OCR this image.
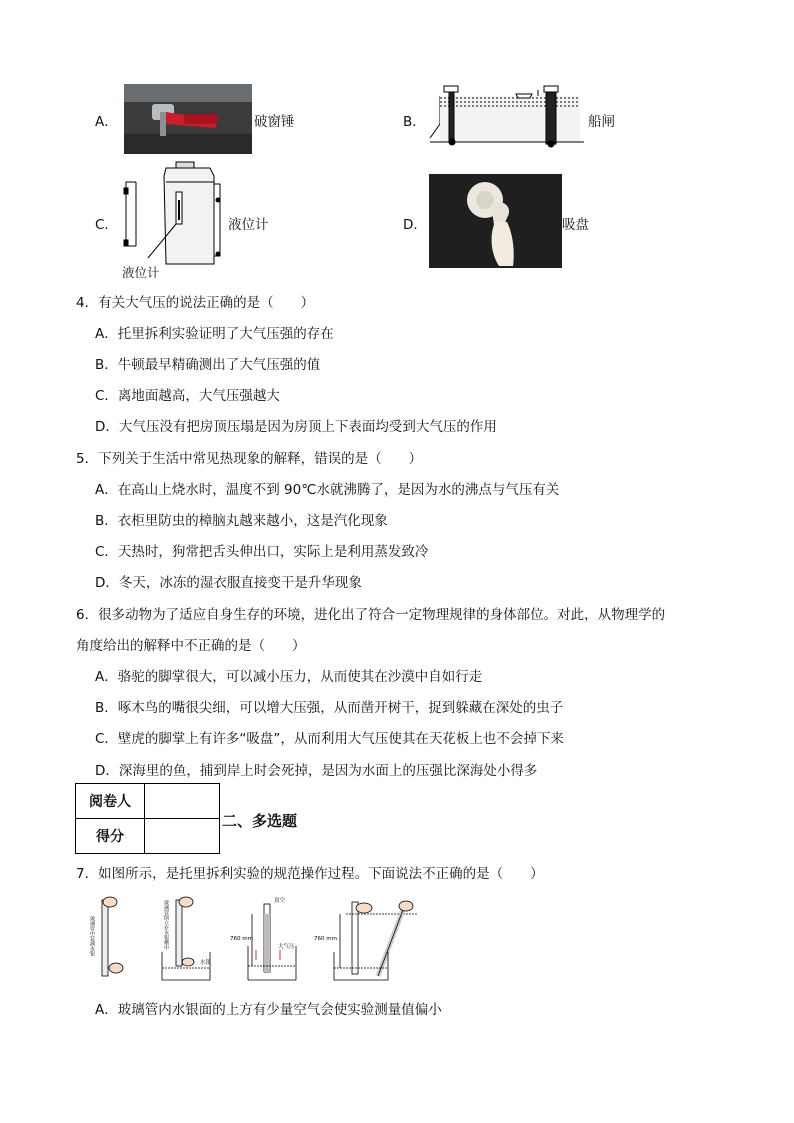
A．	破窗锤	B．	船闸
C．
液位计
液位计	D．	吸盘
4．有关大气压的说法正确的是（　　）
A．托里拆利实验证明了大气压强的存在
B．牛顿最早精确测出了大气压强的值
C．离地面越高，大气压强越大
D．大气压没有把房顶压塌是因为房顶上下表面均受到大气压的作用
5．下列关于生活中常见热现象的解释，错误的是（　　）
A．在高山上烧水时，温度不到 90℃水就沸腾了，是因为水的沸点与气压有关
B．衣柜里防虫的樟脑丸越来越小，这是汽化现象
C．天热时，狗常把舌头伸出口，实际上是利用蒸发致冷
D．冬天，冰冻的湿衣服直接变干是升华现象
6．很多动物为了适应自身生存的环境，进化出了符合一定物理规律的身体部位。对此，从物理学的
角度给出的解释中不正确的是（　　）
A．骆驼的脚掌很大，可以减小压力，从而使其在沙漠中自如行走
B．啄木鸟的嘴很尖细，可以增大压强，从而凿开树干，捉到躲藏在深处的虫子
C．壁虎的脚掌上有许多“吸盘”，从而利用大气压使其在天花板上也不会掉下来
D．深海里的鱼，捕到岸上时会死掉，是因为水面上的压强比深海处小得多
阅卷人	
得分	
二、多选题
7．如图所示，是托里拆利实验的规范操作过程。下面说法不正确的是（　　）
玻璃管中装满水银	玻璃管倒立在水银槽中
水银
真空
760 mm
大气压
760 mm
A．玻璃管内水银面的上方有少量空气会使实验测量值偏小
